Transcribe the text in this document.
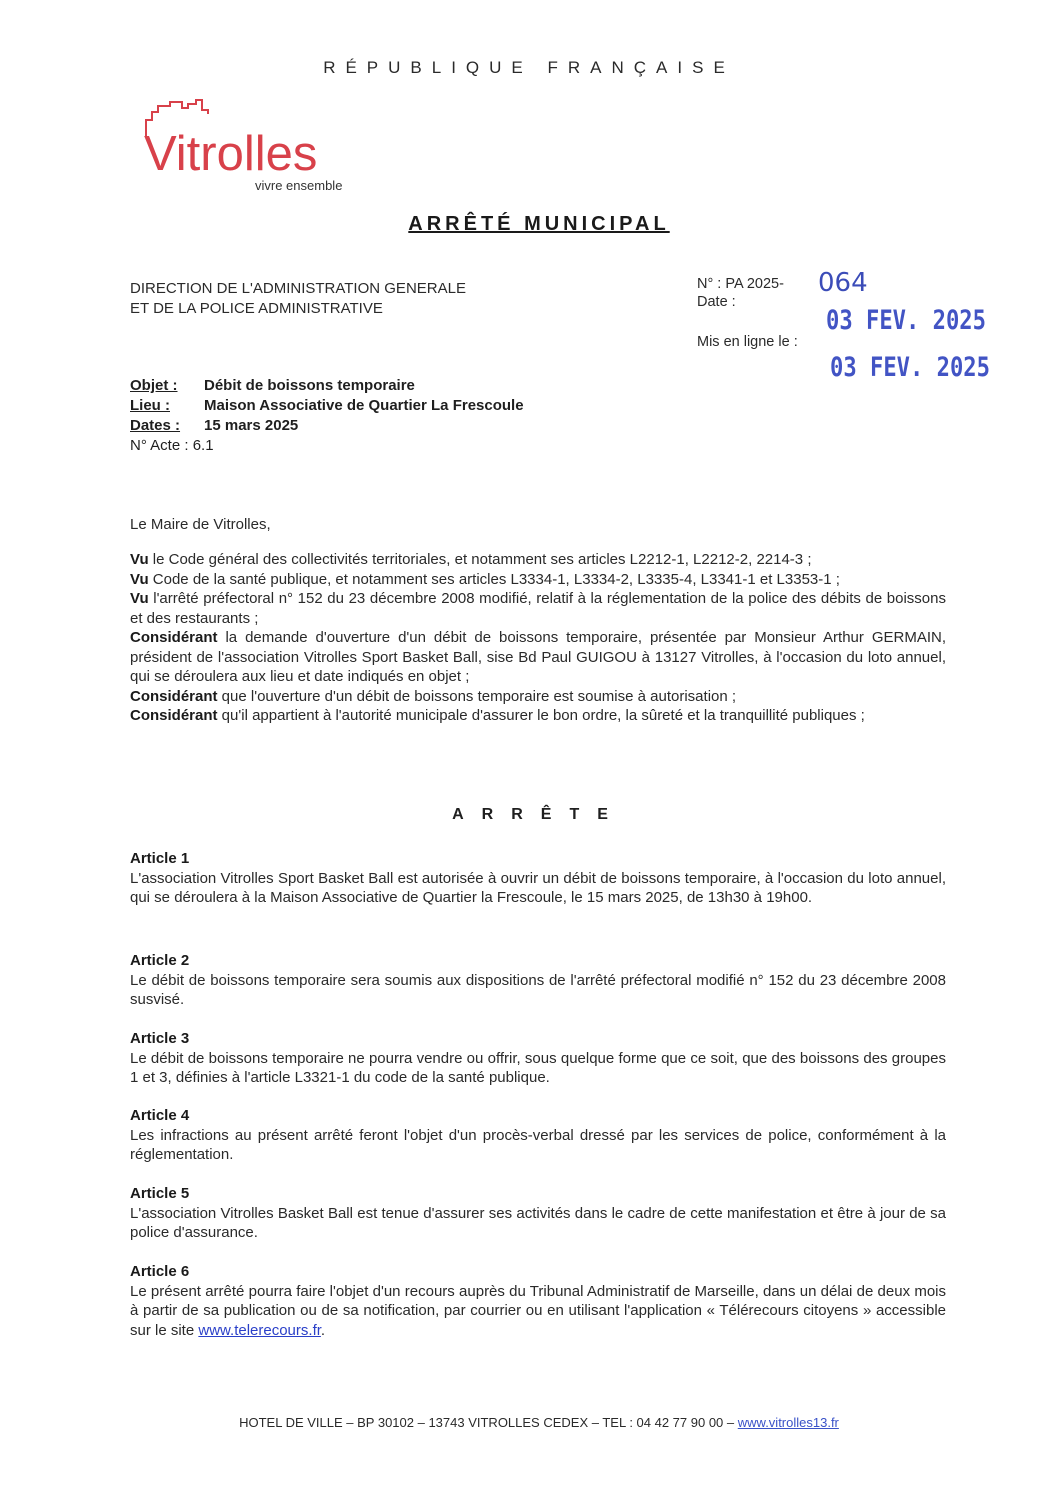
RÉPUBLIQUE FRANÇAISE
Vitrolles
vivre ensemble
ARRÊTÉ MUNICIPAL
DIRECTION DE L'ADMINISTRATION GENERALE
ET DE LA POLICE ADMINISTRATIVE
N° : PA 2025- 064
Date :
03 FEV. 2025
Mis en ligne le :
03 FEV. 2025
Objet : Débit de boissons temporaire
Lieu : Maison Associative de Quartier La Frescoule
Dates : 15 mars 2025
N° Acte : 6.1
Le Maire de Vitrolles,

Vu le Code général des collectivités territoriales, et notamment ses articles L2212-1, L2212-2, 2214-3 ;

Vu Code de la santé publique, et notamment ses articles L3334-1, L3334-2, L3335-4, L3341-1 et L3353-1 ;

Vu l'arrêté préfectoral n° 152 du 23 décembre 2008 modifié, relatif à la réglementation de la police des débits de boissons et des restaurants ;

Considérant la demande d'ouverture d'un débit de boissons temporaire, présentée par Monsieur Arthur GERMAIN, président de l'association Vitrolles Sport Basket Ball, sise Bd Paul GUIGOU à 13127 Vitrolles, à l'occasion du loto annuel, qui se déroulera aux lieu et date indiqués en objet ;

Considérant que l'ouverture d'un débit de boissons temporaire est soumise à autorisation ;

Considérant qu'il appartient à l'autorité municipale d'assurer le bon ordre, la sûreté et la tranquillité publiques ;

ARRÊTE
Article 1

L'association Vitrolles Sport Basket Ball est autorisée à ouvrir un débit de boissons temporaire, à l'occasion du loto annuel, qui se déroulera à la Maison Associative de Quartier la Frescoule, le 15 mars 2025, de 13h30 à 19h00.

Article 2

Le débit de boissons temporaire sera soumis aux dispositions de l'arrêté préfectoral modifié n° 152 du 23 décembre 2008 susvisé.

Article 3

Le débit de boissons temporaire ne pourra vendre ou offrir, sous quelque forme que ce soit, que des boissons des groupes 1 et 3, définies à l'article L3321-1 du code de la santé publique.

Article 4

Les infractions au présent arrêté feront l'objet d'un procès-verbal dressé par les services de police, conformément à la réglementation.

Article 5

L'association Vitrolles Basket Ball est tenue d'assurer ses activités dans le cadre de cette manifestation et être à jour de sa police d'assurance.

Article 6

Le présent arrêté pourra faire l'objet d'un recours auprès du Tribunal Administratif de Marseille, dans un délai de deux mois à partir de sa publication ou de sa notification, par courrier ou en utilisant l'application « Télérecours citoyens » accessible sur le site www.telerecours.fr.

HOTEL DE VILLE – BP 30102 – 13743 VITROLLES CEDEX – TEL : 04 42 77 90 00 – www.vitrolles13.fr
